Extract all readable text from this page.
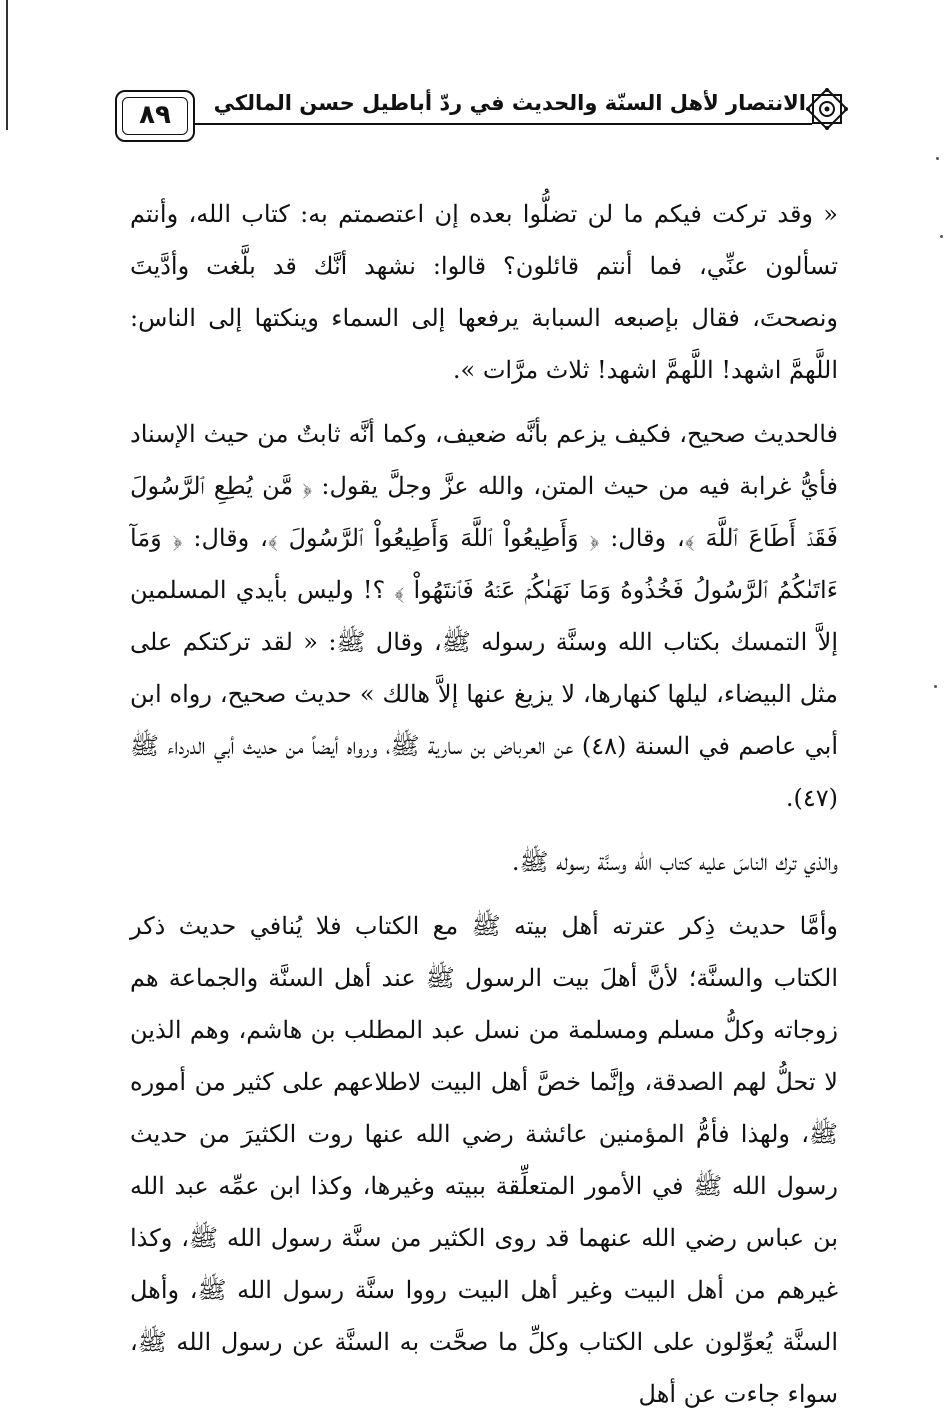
٨٩	الانتصار لأهل السنّة والحديث في ردّ أباطيل حسن المالكي

« وقد تركت فيكم ما لن تضلُّوا بعده إن اعتصمتم به: كتاب الله، وأنتم تسألون عنِّي، فما أنتم قائلون؟ قالوا: نشهد أنَّك قد بلَّغت وأدَّيتَ ونصحتَ، فقال بإصبعه السبابة يرفعها إلى السماء وينكتها إلى الناس: اللَّهمَّ اشهد! اللَّهمَّ اشهد! ثلاث مرَّات ».

فالحديث صحيح، فكيف يزعم بأنَّه ضعيف، وكما أنَّه ثابتٌ من حيث الإسناد فأيُّ غرابة فيه من حيث المتن، والله عزَّ وجلَّ يقول: ﴿ مَّن يُطِعِ ٱلرَّسُولَ فَقَدۡ أَطَاعَ ٱللَّهَ ﴾، وقال: ﴿ وَأَطِيعُواْ ٱللَّهَ وَأَطِيعُواْ ٱلرَّسُولَ ﴾، وقال: ﴿ وَمَآ ءَاتَىٰكُمُ ٱلرَّسُولُ فَخُذُوهُ وَمَا نَهَىٰكُمۡ عَنۡهُ فَٱنتَهُواْ ﴾ ؟! وليس بأيدي المسلمين إلاَّ التمسك بكتاب الله وسنَّة رسوله ﷺ، وقال ﷺ: « لقد تركتكم على مثل البيضاء، ليلها كنهارها، لا يزيغ عنها إلاَّ هالك » حديث صحيح، رواه ابن أبي عاصم في السنة (٤٨) عن العرباض بن سارية ﷺ، ورواه أيضاً من حديث أبي الدرداء ﷺ (٤٧).

والذي ترك الناسَ عليه كتاب الله وسنَّة رسوله ﷺ.

وأمَّا حديث ذِكر عترته أهل بيته ﷺ مع الكتاب فلا يُنافي حديث ذكر الكتاب والسنَّة؛ لأنَّ أهلَ بيت الرسول ﷺ عند أهل السنَّة والجماعة هم زوجاته وكلُّ مسلم ومسلمة من نسل عبد المطلب بن هاشم، وهم الذين لا تحلُّ لهم الصدقة، وإنَّما خصَّ أهل البيت لاطلاعهم على كثير من أموره ﷺ، ولهذا فأمُّ المؤمنين عائشة رضي الله عنها روت الكثيرَ من حديث رسول الله ﷺ في الأمور المتعلِّقة ببيته وغيرها، وكذا ابن عمِّه عبد الله بن عباس رضي الله عنهما قد روى الكثير من سنَّة رسول الله ﷺ، وكذا غيرهم من أهل البيت وغير أهل البيت رووا سنَّة رسول الله ﷺ، وأهل السنَّة يُعوِّلون على الكتاب وكلِّ ما صحَّت به السنَّة عن رسول الله ﷺ، سواء جاءت عن أهل
